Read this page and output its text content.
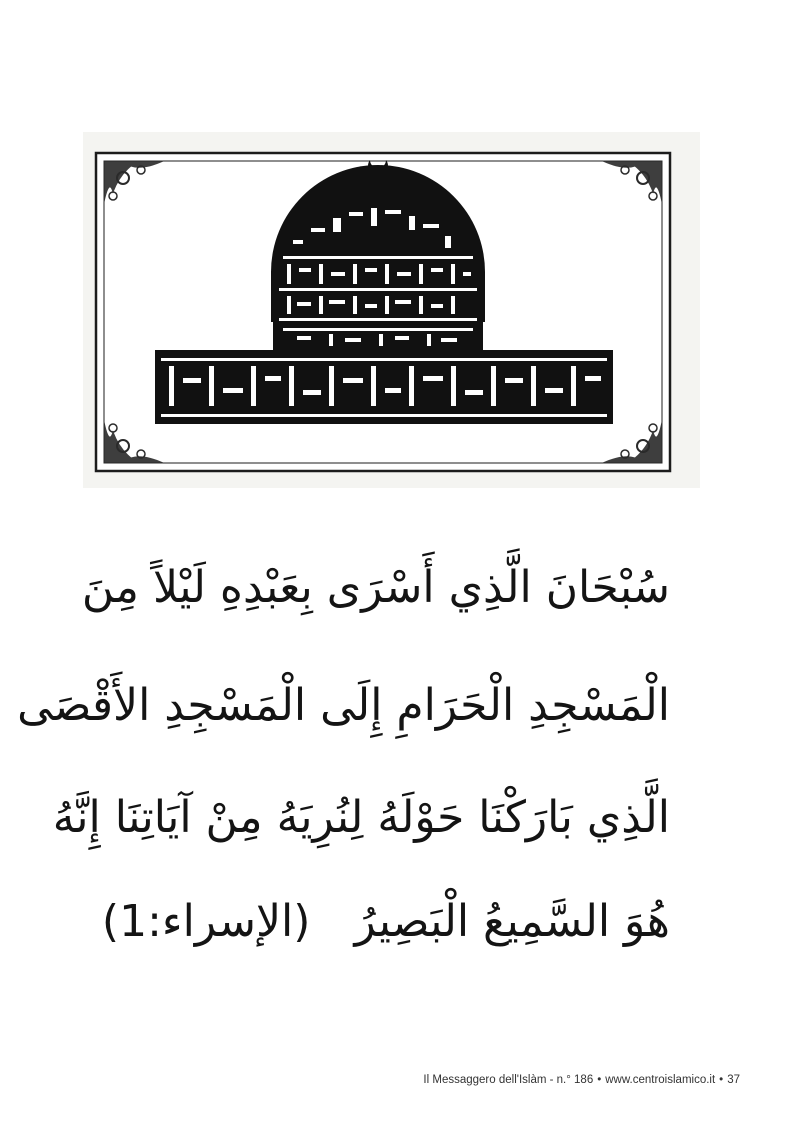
سُبْحَانَ الَّذِي أَسْرَى بِعَبْدِهِ لَيْلاً مِنَ
الْمَسْجِدِ الْحَرَامِ إِلَى الْمَسْجِدِ الأَقْصَى
الَّذِي بَارَكْنَا حَوْلَهُ لِنُرِيَهُ مِنْ آيَاتِنَا إِنَّهُ
هُوَ السَّمِيعُ الْبَصِيرُ(الإسراء:1)
Il Messaggero dell'Islàm - n.° 186 • www.centroislamico.it • 37
